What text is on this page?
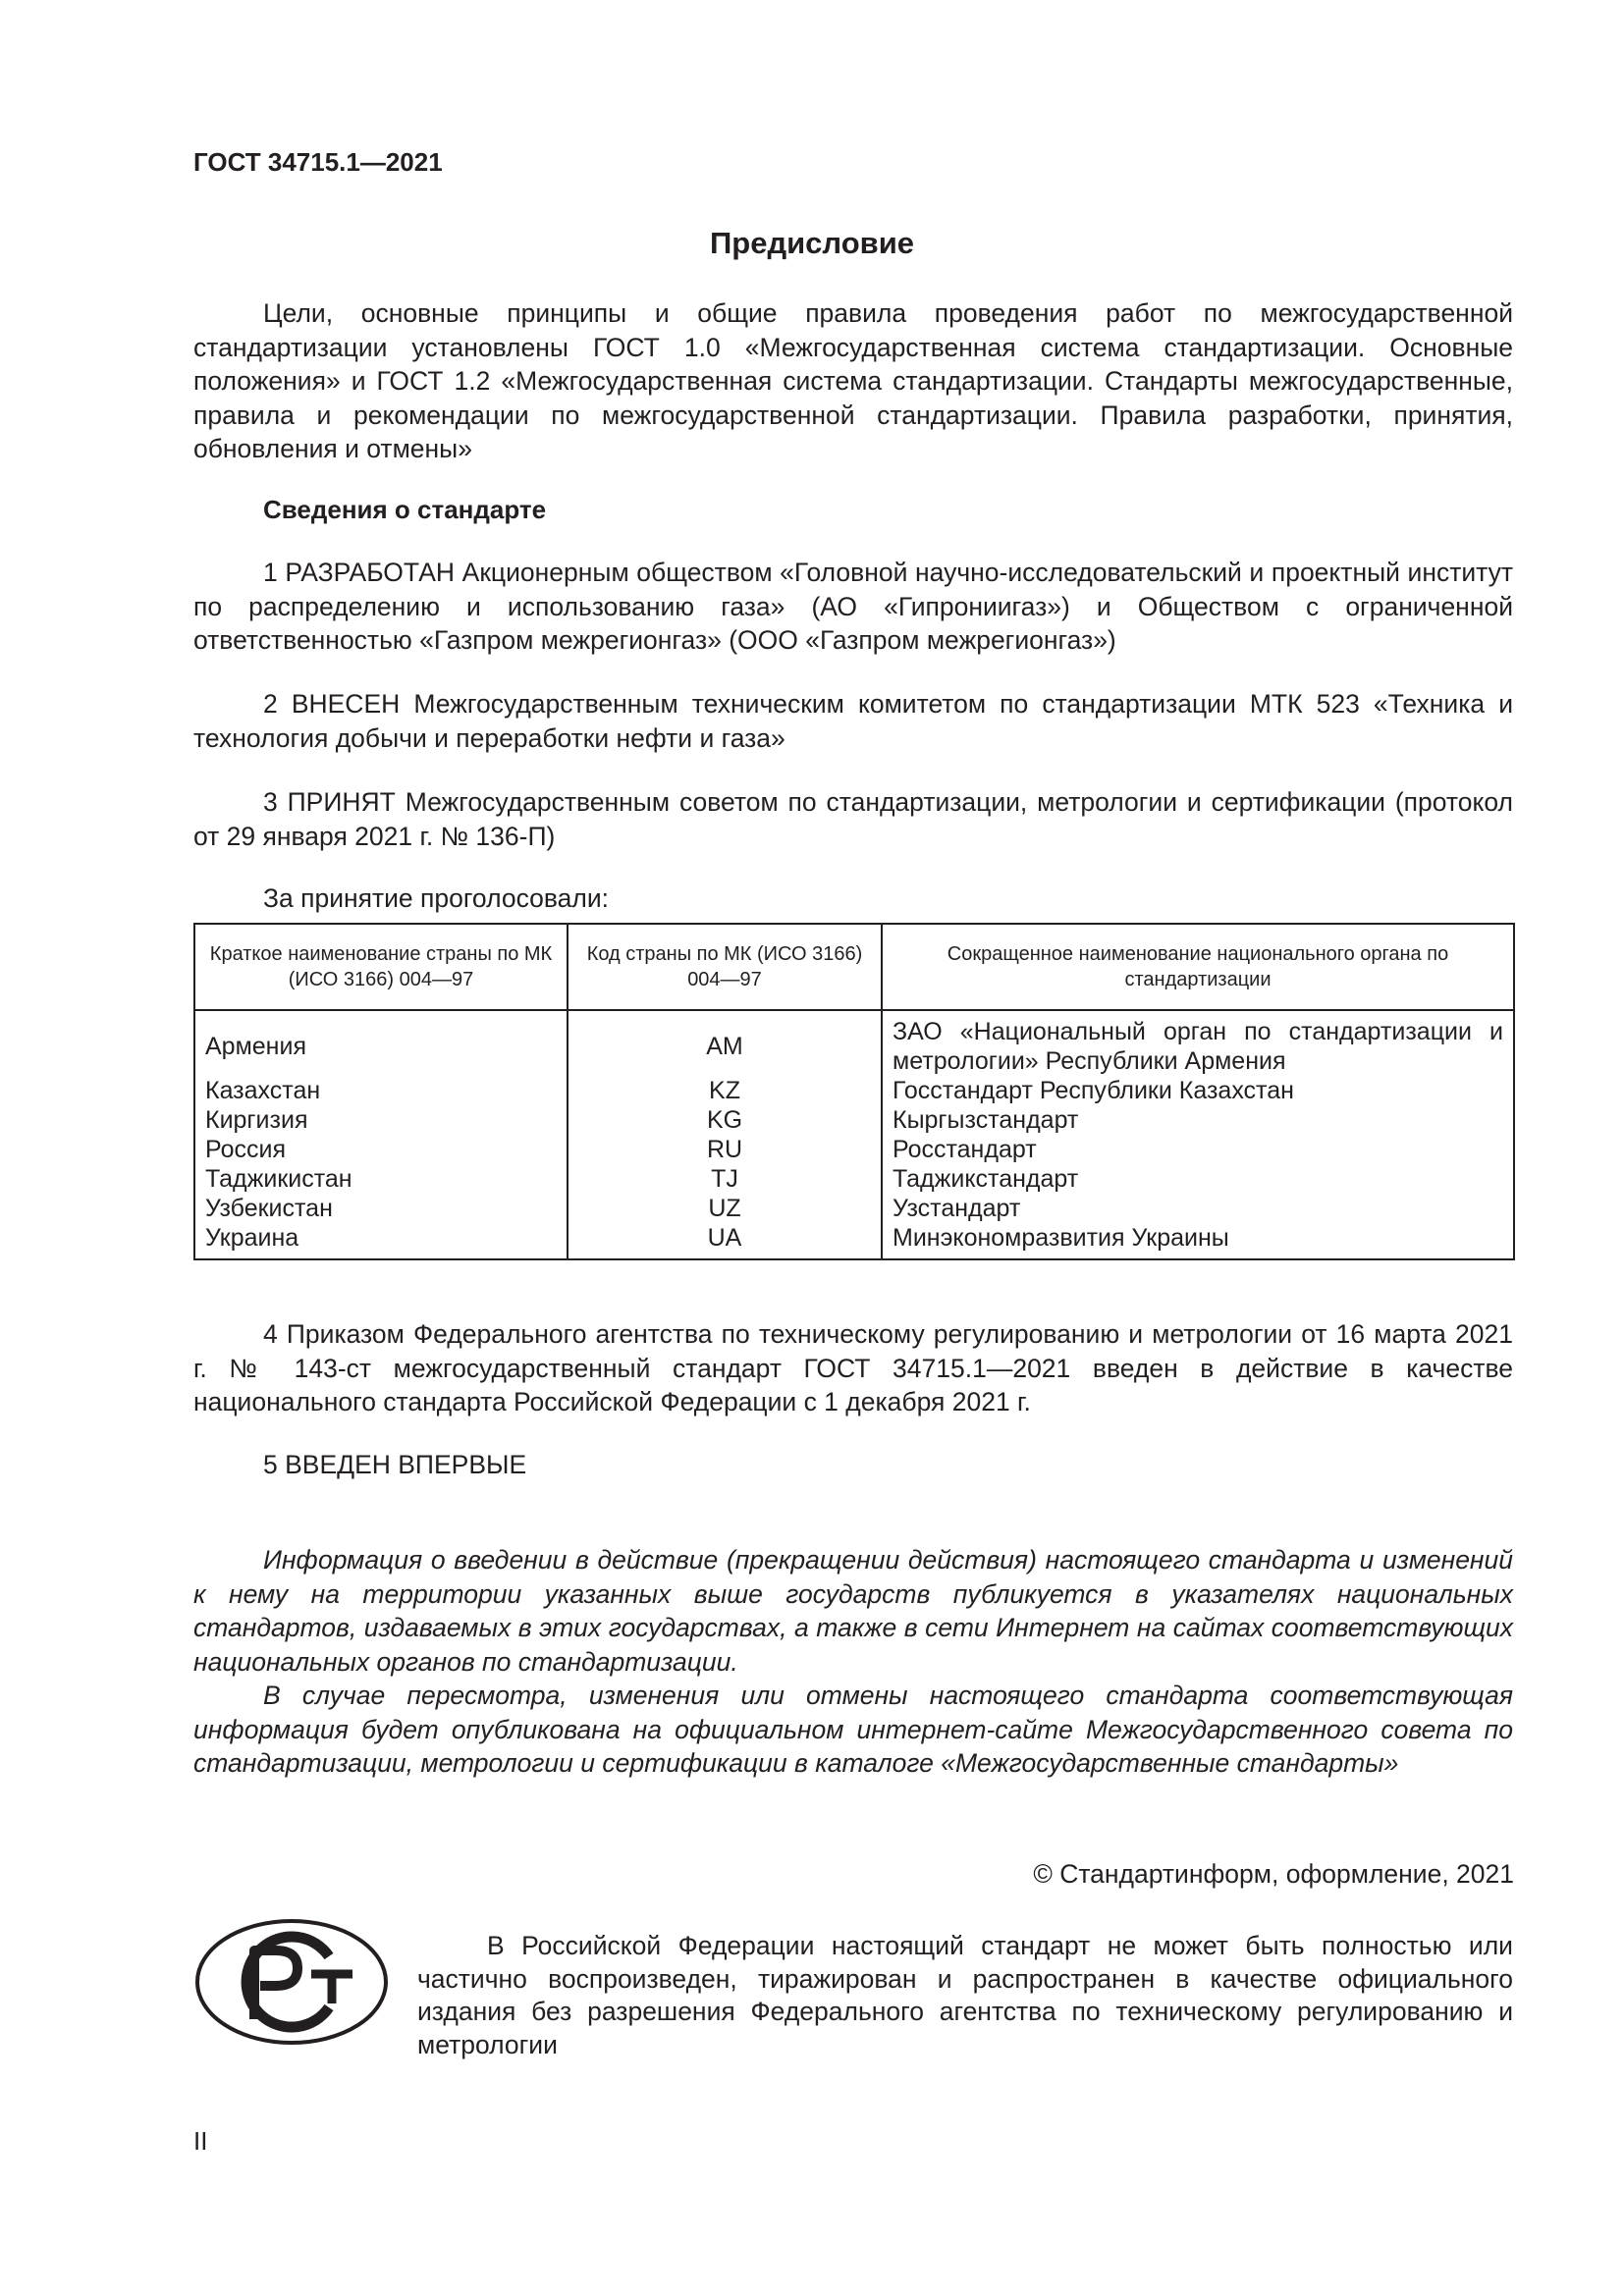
ГОСТ 34715.1—2021
Предисловие

Цели, основные принципы и общие правила проведения работ по межгосударственной стандартизации установлены ГОСТ 1.0 «Межгосударственная система стандартизации. Основные положения» и ГОСТ 1.2 «Межгосударственная система стандартизации. Стандарты межгосударственные, правила и рекомендации по межгосударственной стандартизации. Правила разработки, принятия, обновления и отмены»

Сведения о стандарте

1 РАЗРАБОТАН Акционерным обществом «Головной научно-исследовательский и проектный институт по распределению и использованию газа» (АО «Гипрониигаз») и Обществом с ограниченной ответственностью «Газпром межрегионгаз» (ООО «Газпром межрегионгаз»)

2 ВНЕСЕН Межгосударственным техническим комитетом по стандартизации МТК 523 «Техника и технология добычи и переработки нефти и газа»

3 ПРИНЯТ Межгосударственным советом по стандартизации, метрологии и сертификации (протокол от 29 января 2021 г. № 136-П)

За принятие проголосовали:
Краткое наименование страны по МК (ИСО 3166) 004—97	Код страны по МК (ИСО 3166) 004—97	Сокращенное наименование национального органа по стандартизации
Армения	AM	ЗАО «Национальный орган по стандартизации и метрологии» Республики Армения
Казахстан	KZ	Госстандарт Республики Казахстан
Киргизия	KG	Кыргызстандарт
Россия	RU	Росстандарт
Таджикистан	TJ	Таджикстандарт
Узбекистан	UZ	Узстандарт
Украина	UA	Минэкономразвития Украины

4 Приказом Федерального агентства по техническому регулированию и метрологии от 16 марта 2021 г. № 143-ст межгосударственный стандарт ГОСТ 34715.1—2021 введен в действие в качестве национального стандарта Российской Федерации с 1 декабря 2021 г.

5 ВВЕДЕН ВПЕРВЫЕ

Информация о введении в действие (прекращении действия) настоящего стандарта и изменений к нему на территории указанных выше государств публикуется в указателях национальных стандартов, издаваемых в этих государствах, а также в сети Интернет на сайтах соответствующих национальных органов по стандартизации.

В случае пересмотра, изменения или отмены настоящего стандарта соответствующая информация будет опубликована на официальном интернет-сайте Межгосударственного совета по стандартизации, метрологии и сертификации в каталоге «Межгосударственные стандарты»

© Стандартинформ, оформление, 2021

В Российской Федерации настоящий стандарт не может быть полностью или частично воспроизведен, тиражирован и распространен в качестве официального издания без разрешения Федерального агентства по техническому регулированию и метрологии

II
